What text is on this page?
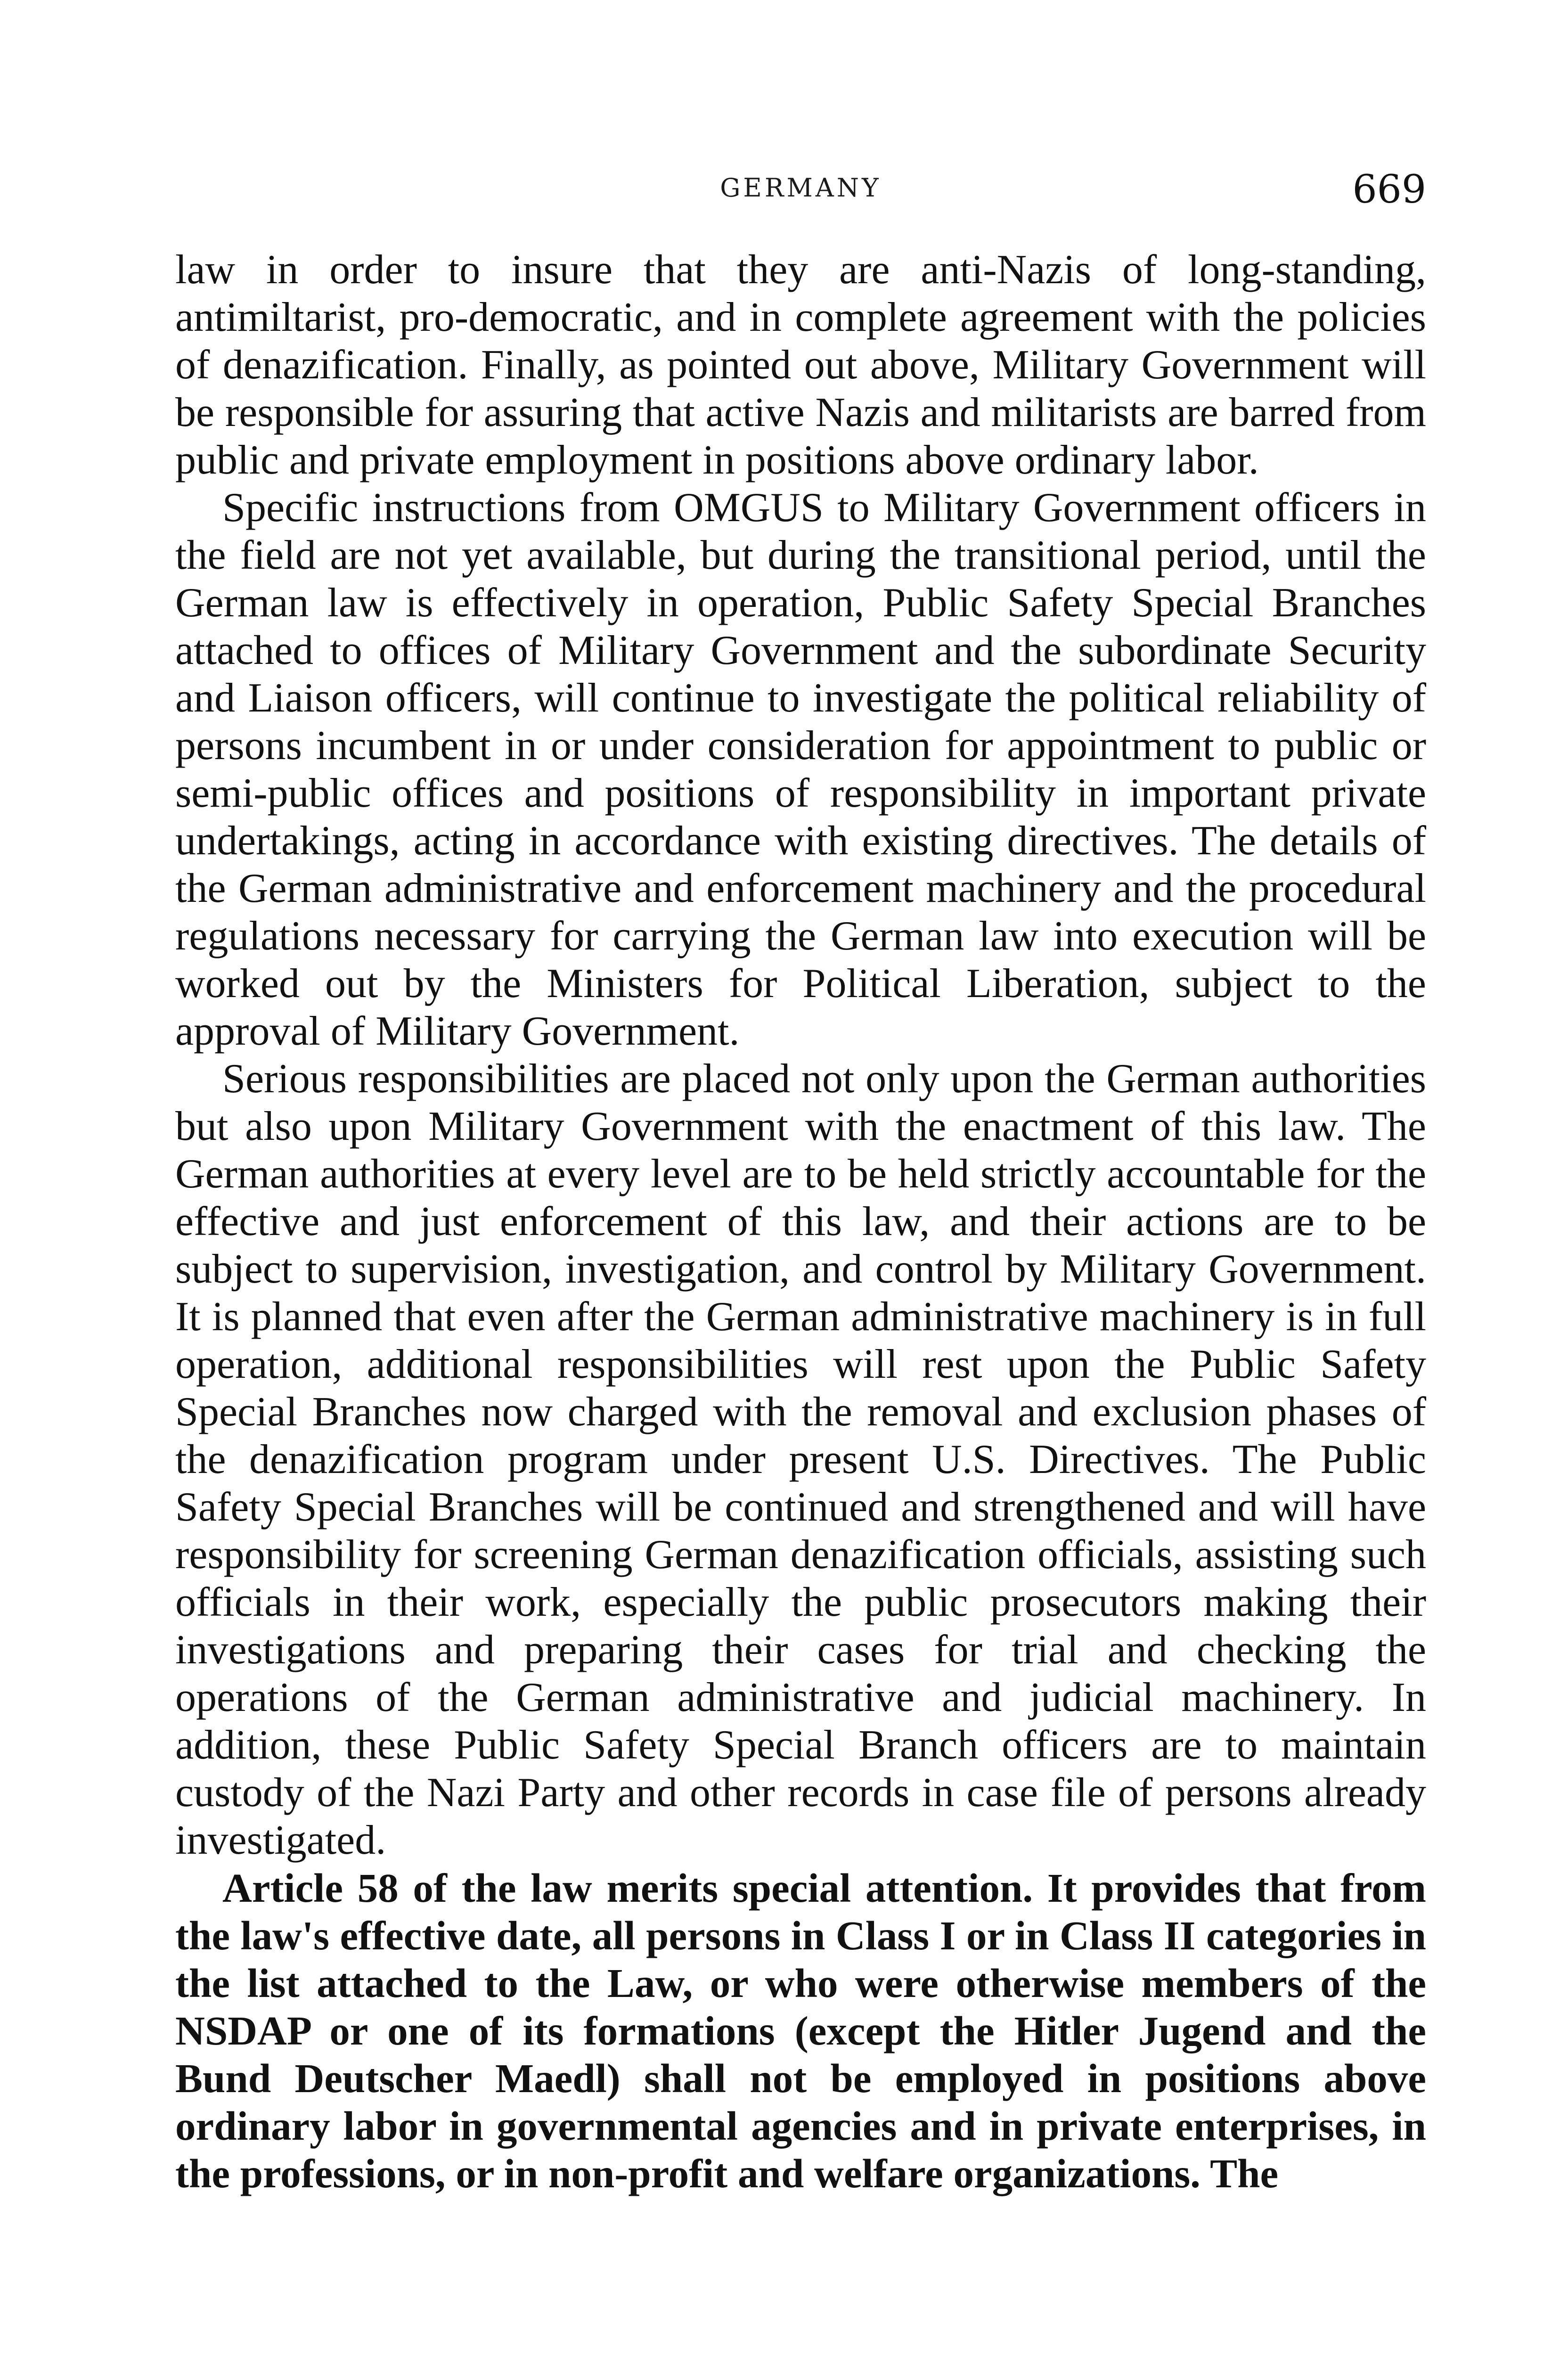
GERMANY	669

law in order to insure that they are anti-Nazis of long-standing, antimiltarist, pro-democratic, and in complete agreement with the policies of denazification. Finally, as pointed out above, Military Government will be responsible for assuring that active Nazis and militarists are barred from public and private employment in positions above ordinary labor.

Specific instructions from OMGUS to Military Government officers in the field are not yet available, but during the transitional period, until the German law is effectively in operation, Public Safety Special Branches attached to offices of Military Government and the subordinate Security and Liaison officers, will continue to investigate the political reliability of persons incumbent in or under consideration for appointment to public or semi-public offices and positions of responsibility in important private undertakings, acting in accordance with existing directives. The details of the German administrative and enforcement machinery and the procedural regulations necessary for carrying the German law into execution will be worked out by the Ministers for Political Liberation, subject to the approval of Military Government.

Serious responsibilities are placed not only upon the German authorities but also upon Military Government with the enactment of this law. The German authorities at every level are to be held strictly accountable for the effective and just enforcement of this law, and their actions are to be subject to supervision, investigation, and control by Military Government. It is planned that even after the German administrative machinery is in full operation, additional responsibilities will rest upon the Public Safety Special Branches now charged with the removal and exclusion phases of the denazification program under present U.S. Directives. The Public Safety Special Branches will be continued and strengthened and will have responsibility for screening German denazification officials, assisting such officials in their work, especially the public prosecutors making their investigations and preparing their cases for trial and checking the operations of the German administrative and judicial machinery. In addition, these Public Safety Special Branch officers are to maintain custody of the Nazi Party and other records in case file of persons already investigated.

Article 58 of the law merits special attention. It provides that from the law's effective date, all persons in Class I or in Class II categories in the list attached to the Law, or who were otherwise members of the NSDAP or one of its formations (except the Hitler Jugend and the Bund Deutscher Maedl) shall not be employed in positions above ordinary labor in governmental agencies and in private enterprises, in the professions, or in non-profit and welfare organizations. The
